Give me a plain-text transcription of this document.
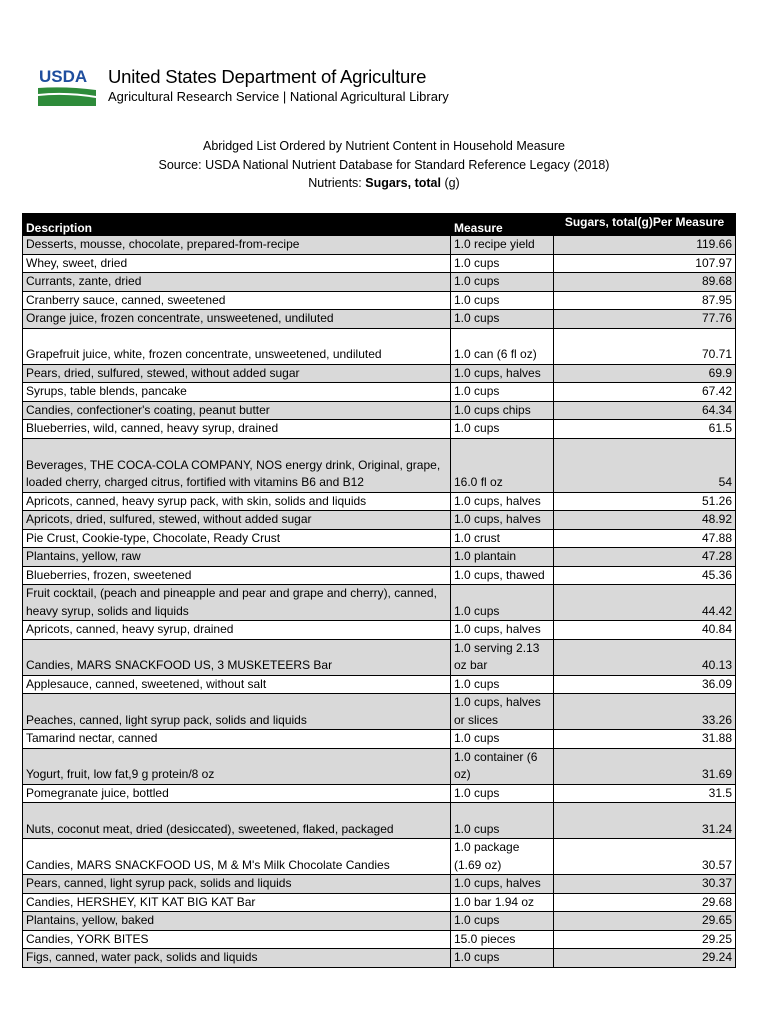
USDA United States Department of Agriculture
Agricultural Research Service | National Agricultural Library
Abridged List Ordered by Nutrient Content in Household Measure
Source: USDA National Nutrient Database for Standard Reference Legacy (2018)
Nutrients: Sugars, total (g)
Description	Measure	Sugars, total(g)Per Measure
Desserts, mousse, chocolate, prepared-from-recipe	1.0 recipe yield	119.66
Whey, sweet, dried	1.0 cups	107.97
Currants, zante, dried	1.0 cups	89.68
Cranberry sauce, canned, sweetened	1.0 cups	87.95
Orange juice, frozen concentrate, unsweetened, undiluted	1.0 cups	77.76
Grapefruit juice, white, frozen concentrate, unsweetened, undiluted	1.0 can (6 fl oz)	70.71
Pears, dried, sulfured, stewed, without added sugar	1.0 cups, halves	69.9
Syrups, table blends, pancake	1.0 cups	67.42
Candies, confectioner's coating, peanut butter	1.0 cups chips	64.34
Blueberries, wild, canned, heavy syrup, drained	1.0 cups	61.5
Beverages, THE COCA-COLA COMPANY, NOS energy drink, Original, grape, loaded cherry, charged citrus, fortified with vitamins B6 and B12	16.0 fl oz	54
Apricots, canned, heavy syrup pack, with skin, solids and liquids	1.0 cups, halves	51.26
Apricots, dried, sulfured, stewed, without added sugar	1.0 cups, halves	48.92
Pie Crust, Cookie-type, Chocolate, Ready Crust	1.0 crust	47.88
Plantains, yellow, raw	1.0 plantain	47.28
Blueberries, frozen, sweetened	1.0 cups, thawed	45.36
Fruit cocktail, (peach and pineapple and pear and grape and cherry), canned, heavy syrup, solids and liquids	1.0 cups	44.42
Apricots, canned, heavy syrup, drained	1.0 cups, halves	40.84
Candies, MARS SNACKFOOD US, 3 MUSKETEERS Bar	1.0 serving 2.13 oz bar	40.13
Applesauce, canned, sweetened, without salt	1.0 cups	36.09
Peaches, canned, light syrup pack, solids and liquids	1.0 cups, halves or slices	33.26
Tamarind nectar, canned	1.0 cups	31.88
Yogurt, fruit, low fat,9 g protein/8 oz	1.0 container (6 oz)	31.69
Pomegranate juice, bottled	1.0 cups	31.5
Nuts, coconut meat, dried (desiccated), sweetened, flaked, packaged	1.0 cups	31.24
Candies, MARS SNACKFOOD US, M & M's Milk Chocolate Candies	1.0 package (1.69 oz)	30.57
Pears, canned, light syrup pack, solids and liquids	1.0 cups, halves	30.37
Candies, HERSHEY, KIT KAT BIG KAT Bar	1.0 bar 1.94 oz	29.68
Plantains, yellow, baked	1.0 cups	29.65
Candies, YORK BITES	15.0 pieces	29.25
Figs, canned, water pack, solids and liquids	1.0 cups	29.24
